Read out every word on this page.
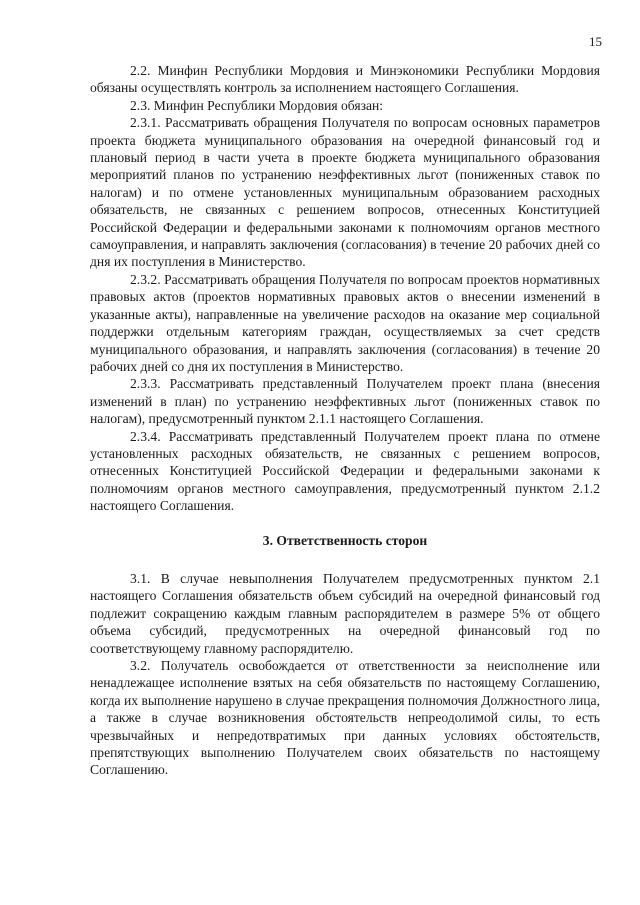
15

2.2. Минфин Республики Мордовия и Минэкономики Республики Мордовия обязаны осуществлять контроль за исполнением настоящего Соглашения.

2.3. Минфин Республики Мордовия обязан:

2.3.1. Рассматривать обращения Получателя по вопросам основных параметров проекта бюджета муниципального образования на очередной финансовый год и плановый период в части учета в проекте бюджета муниципального образования мероприятий планов по устранению неэффективных льгот (пониженных ставок по налогам) и по отмене установленных муниципальным образованием расходных обязательств, не связанных с решением вопросов, отнесенных Конституцией Российской Федерации и федеральными законами к полномочиям органов местного самоуправления, и направлять заключения (согласования) в течение 20 рабочих дней со дня их поступления в Министерство.

2.3.2. Рассматривать обращения Получателя по вопросам проектов нормативных правовых актов (проектов нормативных правовых актов о внесении изменений в указанные акты), направленные на увеличение расходов на оказание мер социальной поддержки отдельным категориям граждан, осуществляемых за счет средств муниципального образования, и направлять заключения (согласования) в течение 20 рабочих дней со дня их поступления в Министерство.

2.3.3. Рассматривать представленный Получателем проект плана (внесения изменений в план) по устранению неэффективных льгот (пониженных ставок по налогам), предусмотренный пунктом 2.1.1 настоящего Соглашения.

2.3.4. Рассматривать представленный Получателем проект плана по отмене установленных расходных обязательств, не связанных с решением вопросов, отнесенных Конституцией Российской Федерации и федеральными законами к полномочиям органов местного самоуправления, предусмотренный пунктом 2.1.2 настоящего Соглашения.

3. Ответственность сторон

3.1. В случае невыполнения Получателем предусмотренных пунктом 2.1 настоящего Соглашения обязательств объем субсидий на очередной финансовый год подлежит сокращению каждым главным распорядителем в размере 5% от общего объема субсидий, предусмотренных на очередной финансовый год по соответствующему главному распорядителю.

3.2. Получатель освобождается от ответственности за неисполнение или ненадлежащее исполнение взятых на себя обязательств по настоящему Соглашению, когда их выполнение нарушено в случае прекращения полномочия Должностного лица, а также в случае возникновения обстоятельств непреодолимой силы, то есть чрезвычайных и непредотвратимых при данных условиях обстоятельств, препятствующих выполнению Получателем своих обязательств по настоящему Соглашению.
